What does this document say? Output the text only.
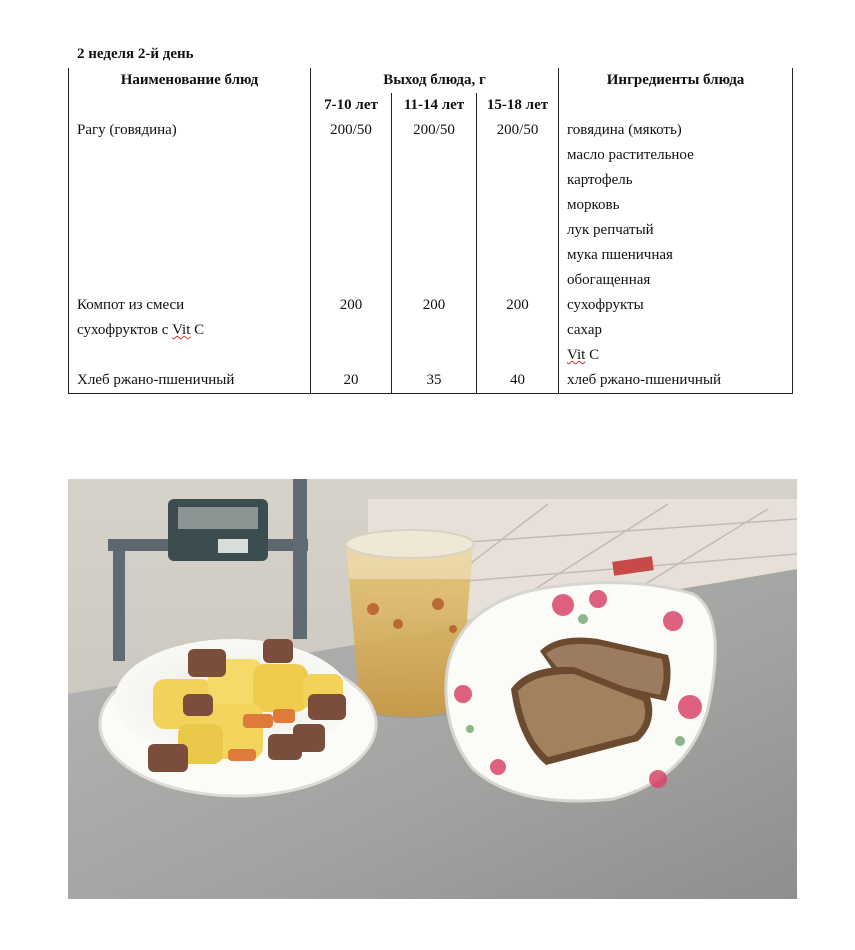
2 неделя 2-й день
Наименование блюд	Выход блюда, г			Ингредиенты блюда
	7-10 лет	11-14 лет	15-18 лет	
Рагу (говядина)	200/50	200/50	200/50	говядина (мякоть)
				масло растительное
				картофель
				морковь
				лук репчатый
				мука пшеничная
				обогащенная
Компот из смеси	200	200	200	сухофрукты
сухофруктов с Vit C				сахар
				Vit C
Хлеб ржано-пшеничный	20	35	40	хлеб ржано-пшеничный
